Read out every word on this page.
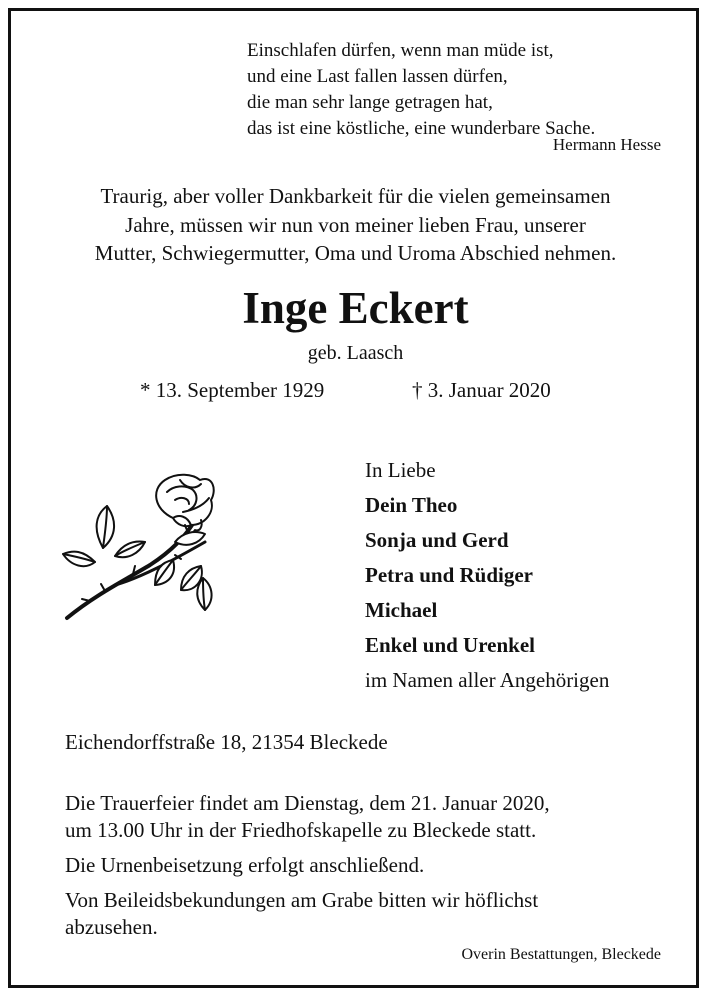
Einschlafen dürfen, wenn man müde ist,
und eine Last fallen lassen dürfen,
die man sehr lange getragen hat,
das ist eine köstliche, eine wunderbare Sache.
Hermann Hesse
Traurig, aber voller Dankbarkeit für die vielen gemeinsamen
Jahre, müssen wir nun von meiner lieben Frau, unserer
Mutter, Schwiegermutter, Oma und Uroma Abschied nehmen.
Inge Eckert
geb. Laasch
* 13. September 1929	† 3. Januar 2020
In Liebe
Dein Theo
Sonja und Gerd
Petra und Rüdiger
Michael
Enkel und Urenkel
im Namen aller Angehörigen
Eichendorffstraße 18, 21354 Bleckede

Die Trauerfeier findet am Dienstag, dem 21. Januar 2020,
um 13.00 Uhr in der Friedhofskapelle zu Bleckede statt.

Die Urnenbeisetzung erfolgt anschließend.

Von Beileidsbekundungen am Grabe bitten wir höflichst
abzusehen.

Overin Bestattungen, Bleckede
